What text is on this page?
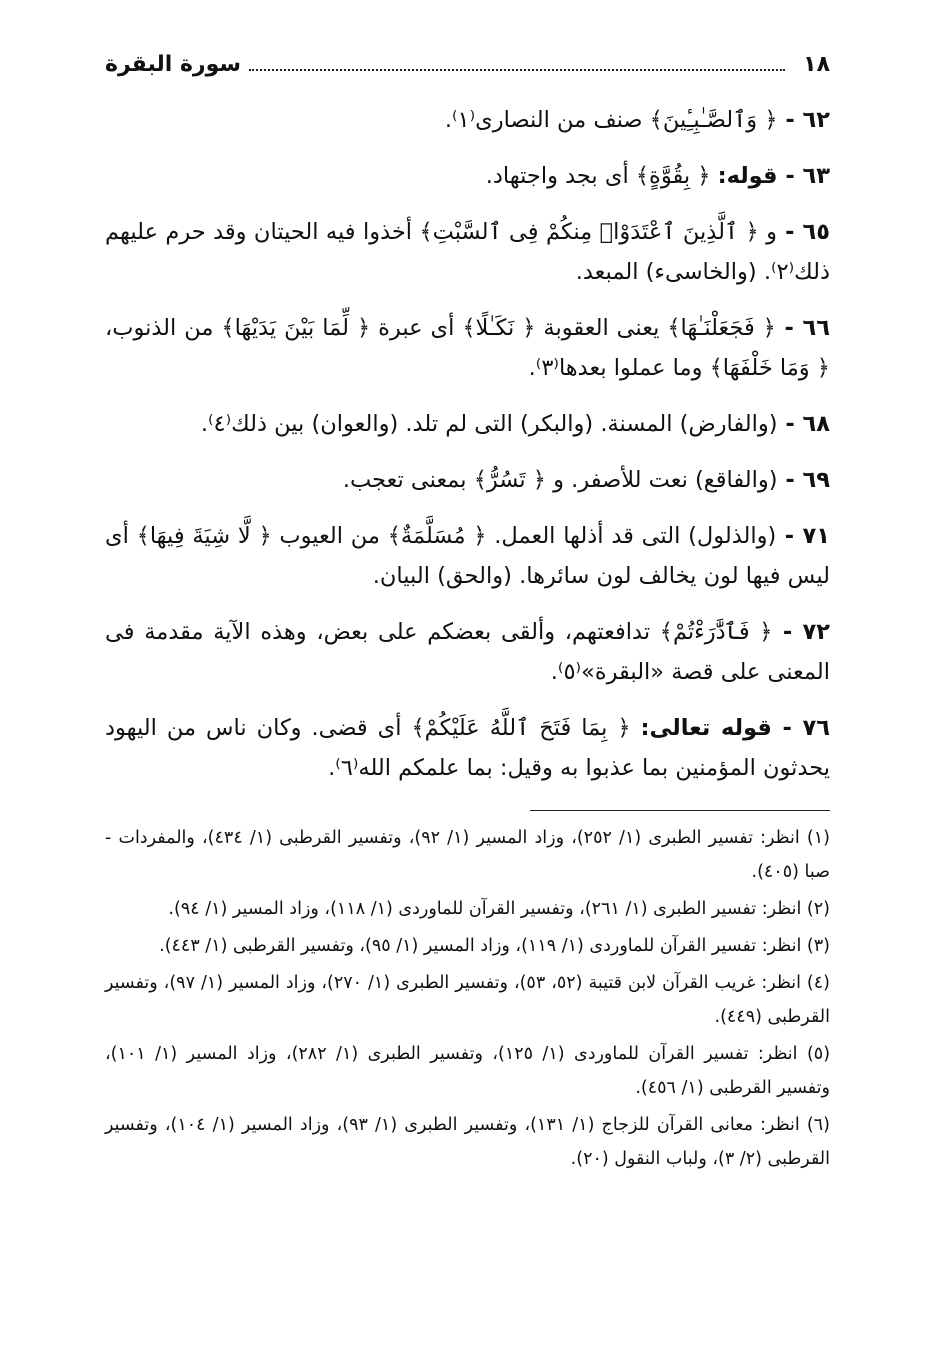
١٨
سورة البقرة

٦٢ - ﴿ وَٱلصَّـٰبِـِٔينَ﴾ صنف من النصارى⁽١⁾.

٦٣ - قوله: ﴿ بِقُوَّةٍ﴾ أى بجد واجتهاد.

٦٥ - و ﴿ ٱلَّذِينَ ٱعْتَدَوْا۟ مِنكُمْ فِى ٱلسَّبْتِ﴾ أخذوا فيه الحيتان وقد حرم عليهم ذلك⁽٢⁾. (والخاسىء) المبعد.

٦٦ - ﴿ فَجَعَلْنَـٰهَا﴾ يعنى العقوبة ﴿ نَكَـٰلًا﴾ أى عبرة ﴿ لِّمَا بَيْنَ يَدَيْهَا﴾ من الذنوب، ﴿ وَمَا خَلْفَهَا﴾ وما عملوا بعدها⁽٣⁾.

٦٨ - (والفارض) المسنة. (والبكر) التى لم تلد. (والعوان) بين ذلك⁽٤⁾.

٦٩ - (والفاقع) نعت للأصفر. و ﴿ تَسُرُّ﴾ بمعنى تعجب.

٧١ - (والذلول) التى قد أذلها العمل. ﴿ مُسَلَّمَةٌ﴾ من العيوب ﴿ لَّا شِيَةَ فِيهَا﴾ أى ليس فيها لون يخالف لون سائرها. (والحق) البيان.

٧٢ - ﴿ فَٱدَّٰرَءْتُمْ﴾ تدافعتهم، وألقى بعضكم على بعض، وهذه الآية مقدمة فى المعنى على قصة «البقرة»⁽٥⁾.

٧٦ - قوله تعالى: ﴿ بِمَا فَتَحَ ٱللَّهُ عَلَيْكُمْ﴾ أى قضى. وكان ناس من اليهود يحدثون المؤمنين بما عذبوا به وقيل: بما علمكم الله⁽٦⁾.

(١) انظر: تفسير الطبرى (١/ ٢٥٢)، وزاد المسير (١/ ٩٢)، وتفسير القرطبى (١/ ٤٣٤)، والمفردات - صبا (٤٠٥).

(٢) انظر: تفسير الطبرى (١/ ٢٦١)، وتفسير القرآن للماوردى (١/ ١١٨)، وزاد المسير (١/ ٩٤).

(٣) انظر: تفسير القرآن للماوردى (١/ ١١٩)، وزاد المسير (١/ ٩٥)، وتفسير القرطبى (١/ ٤٤٣).

(٤) انظر: غريب القرآن لابن قتيبة (٥٢، ٥٣)، وتفسير الطبرى (١/ ٢٧٠)، وزاد المسير (١/ ٩٧)، وتفسير القرطبى (٤٤٩).

(٥) انظر: تفسير القرآن للماوردى (١/ ١٢٥)، وتفسير الطبرى (١/ ٢٨٢)، وزاد المسير (١/ ١٠١)، وتفسير القرطبى (١/ ٤٥٦).

(٦) انظر: معانى القرآن للزجاج (١/ ١٣١)، وتفسير الطبرى (١/ ٩٣)، وزاد المسير (١/ ١٠٤)، وتفسير القرطبى (٢/ ٣)، ولباب النقول (٢٠).
